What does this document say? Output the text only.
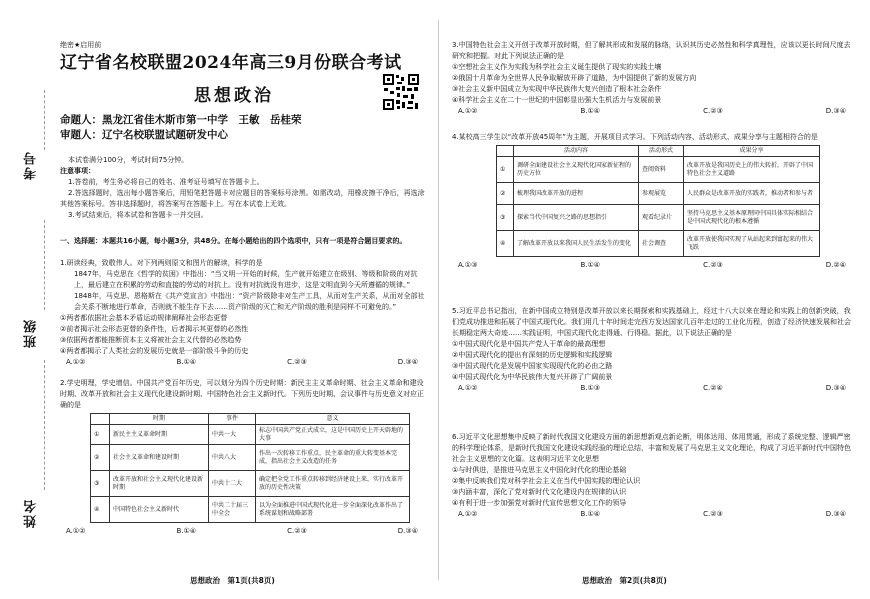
考号
班级
姓名
绝密★启用前
辽宁省名校联盟2024年高三9月份联合考试
思想政治
命题人：黑龙江省佳木斯市第一中学　王敏　岳桂荣
审题人：辽宁名校联盟试题研发中心

本试卷满分100分，考试时间75分钟。

注意事项：

1.答卷前，考生务必将自己的姓名、准考证号填写在答题卡上。

2.答选择题时，选出每小题答案后，用铅笔把答题卡对应题目的答案标号涂黑。如需改动，用橡皮擦干净后，再选涂其他答案标号。答非选择题时，将答案写在答题卡上。写在本试卷上无效。

3.考试结束后，将本试卷和答题卡一并交回。

一、选择题：本题共16小题，每小题3分，共48分。在每小题给出的四个选项中，只有一项是符合题目要求的。

1.研读经典，致敬伟人。对下列两则原文和图片的解读，科学的是

1847年，马克思在《哲学的贫困》中指出：“当文明一开始的时候，生产就开始建立在级别、等级和阶级的对抗上，最后建立在积累的劳动和直接的劳动的对抗上。没有对抗就没有进步，这是文明直到今天所遵循的规律。”

1848年，马克思、恩格斯在《共产党宣言》中指出：“资产阶级除非对生产工具，从而对生产关系，从而对全部社会关系不断地进行革命，否则就不能生存下去……资产阶级的灭亡和无产阶级的胜利是同样不可避免的。”

①两者都依据社会基本矛盾运动规律阐释社会形态更替

②前者揭示社会形态更替的条件性，后者揭示其更替的必然性

③依据两者都能推断资本主义将被社会主义代替的必然趋势

④两者都揭示了人类社会的发展历史就是一部阶级斗争的历史

A.①②	B.①④	C.②③	D.③④

2.学史明理，学史增信。中国共产党百年历史，可以划分为四个历史时期：新民主主义革命时期、社会主义革命和建设时期、改革开放和社会主义现代化建设新时期、中国特色社会主义新时代。下列历史时期、会议事件与历史意义对应正确的是

	时期	事件	意义
①	新民主主义革命时期	中共一大	标志中国共产党正式成立，这是中国历史上开天辟地的大事
②	社会主义革命和建设时期	中共八大	作出一次转移工作重点，民主革命的重大转变基本完成，指出社会主义改造的任务
③	改革开放和社会主义现代化建设新时期	中共十二大	确定把全党工作重点转移到经济建设上来，实行改革开放的历史性决策
④	中国特色社会主义新时代	中共二十届三中全会	以为全面推进中国式现代化进一步全面深化改革作出了系统谋划和战略部署
A.①②	B.①④	C.②③	D.③④
思想政治　第1页(共8页)

3.中国特色社会主义开创于改革开放时期，但了解其形成和发展的脉络，认识其历史必然性和科学真理性，应该以更长时间尺度去研究和把握。对此下列说法正确的是

①空想社会主义作为实践为科学社会主义诞生提供了现实的实践土壤

②俄国十月革命为全世界人民争取解放开辟了道路，为中国提供了新的发展方向

③社会主义新中国成立为实现中华民族伟大复兴创造了根本社会条件

④科学社会主义在二十一世纪的中国彰显出强大生机活力与发展前景

A.①②	B.①④	C.②③	D.③④

4.某校高三学生以“改革开放45周年”为主题，开展项目式学习。下列活动内容、活动形式、成果分享与主题相符合的是

	活动内容	活动形式	成果分享
①	调研全面建设社会主义现代化国家新征程的历史方位	查阅资料	改革开放是我国历史上的伟大转折，开辟了中国特色社会主义道路
②	梳理我国改革开放的进程	参观展览	人民群众是改革开放的实践者，推动者和参与者
③	探索当代中国复兴之路的思想指引	观看纪录片	坚持马克思主义基本原理同中国具体实际相结合是中国式现代化的根本遵循
④	了解改革开放以来我国人民生活发生的变化	社会调查	改革开放使我国实现了从站起来到富起来的伟大飞跃
A.①③	B.①④	C.②③	D.②④

5.习近平总书记指出，在新中国成立特别是改革开放以来长期探索和实践基础上，经过十八大以来在理论和实践上的创新突破，我们党成功推进和拓展了中国式现代化。我们用几十年时间走完西方发达国家几百年走过的工业化历程，创造了经济快速发展和社会长期稳定两大奇迹……实践证明，中国式现代化走得通、行得稳。据此，以下说法正确的是

①中国式现代化是中国共产党人干革命的最高理想

②中国式现代化的提出有深刻的历史逻辑和实践逻辑

③中国式现代化是发展中国家实现现代化的必由之路

④中国式现代化为中华民族伟大复兴开辟了广阔前景

A.①②	B.①③	C.②④	D.③④

6.习近平文化思想集中反映了新时代我国文化建设方面的新思想新观点新论断，明体达用、体用贯通，形成了系统完整、逻辑严密的科学理论体系，是新时代我国文化建设实践经验的理论总结，丰富和发展了马克思主义文化理论，构成了习近平新时代中国特色社会主义思想的文化篇。这表明习近平文化思想

①与时俱进，是推进马克思主义中国化时代化的理论基础

②集中反映我们党对科学社会主义在当代中国实践的理论认识

③内涵丰富，深化了党对新时代文化建设内在规律的认识

④有利于进一步加强党对新时代宣传思想文化工作的领导

A.①②	B.①④	C.②③	D.③④
思想政治　第2页(共8页)
